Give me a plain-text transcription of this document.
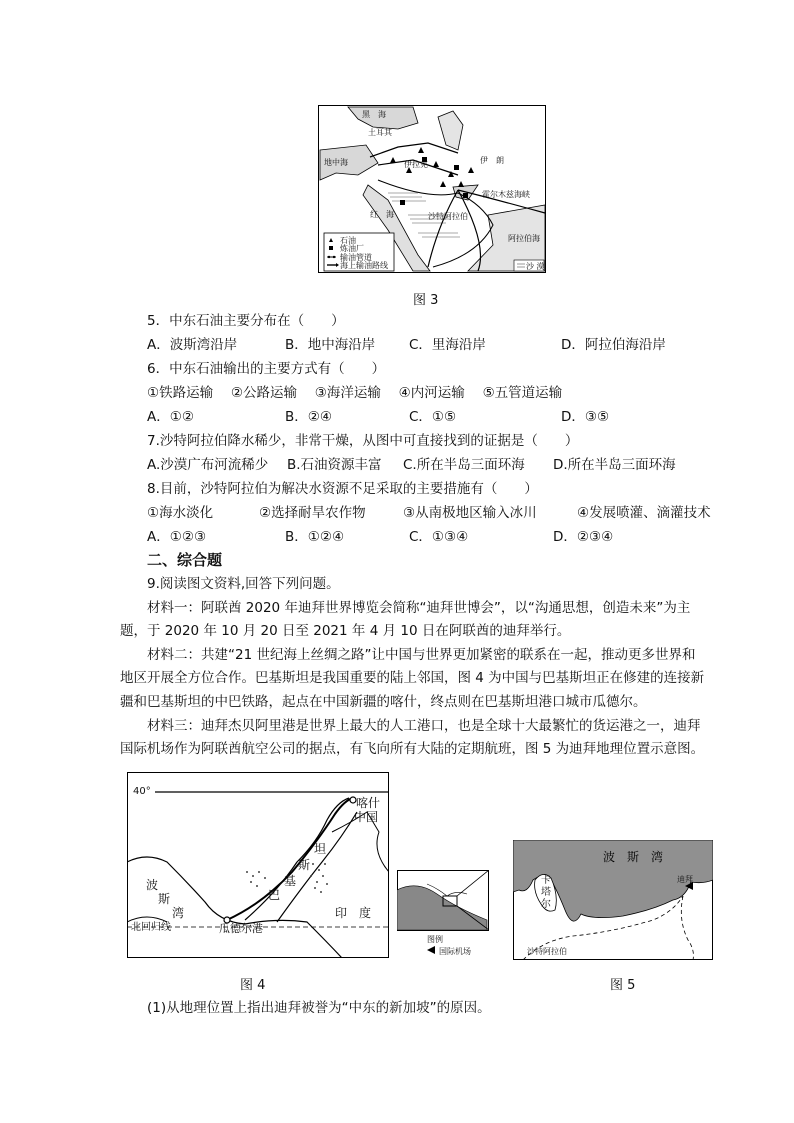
黑　海
土耳其
地中海	伊拉克	伊　朗
霍尔木兹海峡
红　海	沙特阿拉伯
阿拉伯海
石油
炼油厂
输油管道
海上输油路线	沙 漠
图 3
5．中东石油主要分布在（　　）
A．波斯湾沿岸	B．地中海沿岸 C．里海沿岸	D．阿拉伯海沿岸
6．中东石油输出的主要方式有（　　）
①铁路运输　 ②公路运输　 ③海洋运输　 ④内河运输　 ⑤五管道运输
A．①②	B．②④	C．①⑤	D．③⑤
7.沙特阿拉伯降水稀少，非常干燥，从图中可直接找到的证据是（　　）
A.沙漠广布河流稀少 B.石油资源丰富 C.所在半岛三面环海 D.所在半岛三面环海
8.目前，沙特阿拉伯为解决水资源不足采取的主要措施有（　　）
①海水淡化	②选择耐旱农作物	③从南极地区输入冰川	④发展喷灌、滴灌技术
A．①②③	B．①②④	C．①③④	D．②③④
二、综合题
9.阅读图文资料,回答下列问题。
材料一：阿联酋 2020 年迪拜世界博览会简称“迪拜世博会”，以“沟通思想，创造未来”为主
题，于 2020 年 10 月 20 日至 2021 年 4 月 10 日在阿联酋的迪拜举行。
材料二：共建“21 世纪海上丝绸之路”让中国与世界更加紧密的联系在一起，推动更多世界和
地区开展全方位合作。巴基斯坦是我国重要的陆上邻国，图 4 为中国与巴基斯坦正在修建的连接新
疆和巴基斯坦的中巴铁路，起点在中国新疆的喀什，终点则在巴基斯坦港口城市瓜德尔。
材料三：迪拜杰贝阿里港是世界上最大的人工港口，也是全球十大最繁忙的货运港之一，迪拜
国际机场作为阿联酋航空公司的据点，有飞向所有大陆的定期航班，图 5 为迪拜地理位置示意图。
40°
喀什
中国
巴
基
斯
坦
波
斯
湾	印　度
北回归线	瓜德尔港
图 4
图例
国际机场
波　斯　湾
卡
塔
尔
迪拜
沙特阿拉伯
图 5
(1)从地理位置上指出迪拜被誉为“中东的新加坡”的原因。
